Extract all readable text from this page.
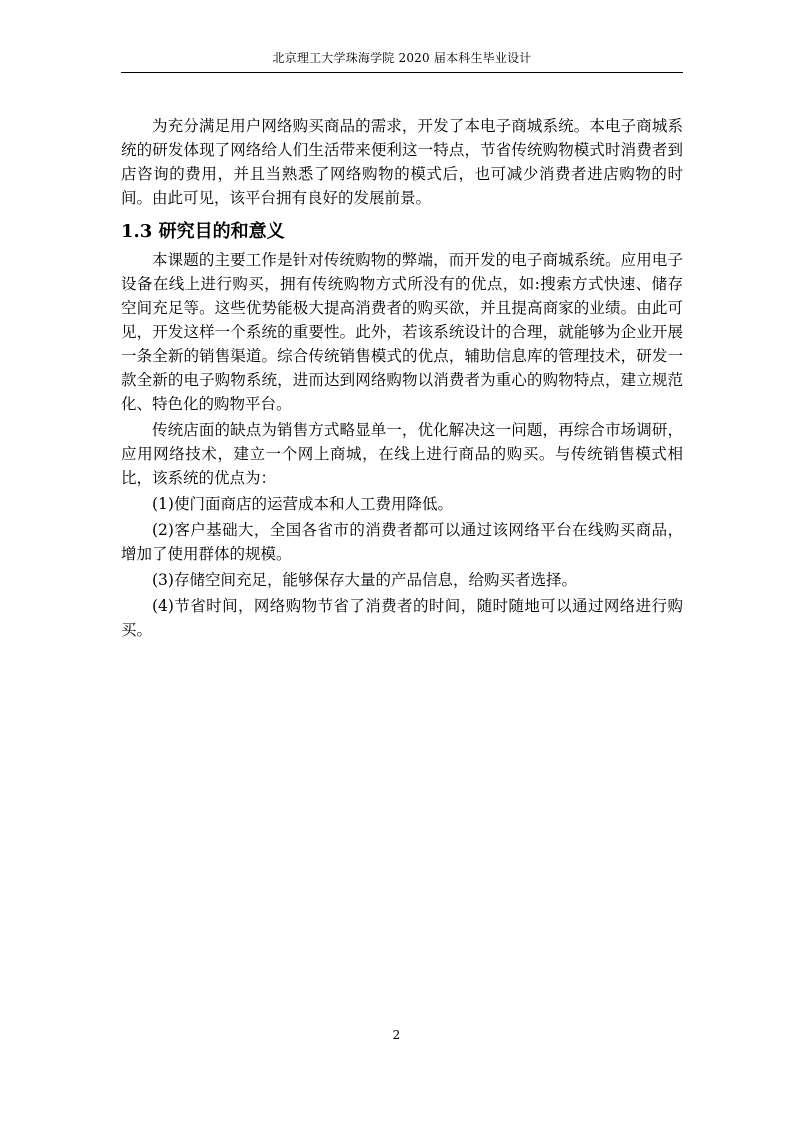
北京理工大学珠海学院 2020 届本科生毕业设计

为充分满足用户网络购买商品的需求，开发了本电子商城系统。本电子商城系统的研发体现了网络给人们生活带来便利这一特点，节省传统购物模式时消费者到店咨询的费用，并且当熟悉了网络购物的模式后，也可减少消费者进店购物的时间。由此可见，该平台拥有良好的发展前景。

1.3 研究目的和意义

本课题的主要工作是针对传统购物的弊端，而开发的电子商城系统。应用电子设备在线上进行购买，拥有传统购物方式所没有的优点，如:搜索方式快速、储存空间充足等。这些优势能极大提高消费者的购买欲，并且提高商家的业绩。由此可见，开发这样一个系统的重要性。此外，若该系统设计的合理，就能够为企业开展一条全新的销售渠道。综合传统销售模式的优点，辅助信息库的管理技术，研发一款全新的电子购物系统，进而达到网络购物以消费者为重心的购物特点，建立规范化、特色化的购物平台。

传统店面的缺点为销售方式略显单一，优化解决这一问题，再综合市场调研，应用网络技术，建立一个网上商城，在线上进行商品的购买。与传统销售模式相比，该系统的优点为：

(1)使门面商店的运营成本和人工费用降低。

(2)客户基础大，全国各省市的消费者都可以通过该网络平台在线购买商品，增加了使用群体的规模。

(3)存储空间充足，能够保存大量的产品信息，给购买者选择。

(4)节省时间，网络购物节省了消费者的时间，随时随地可以通过网络进行购买。

2
